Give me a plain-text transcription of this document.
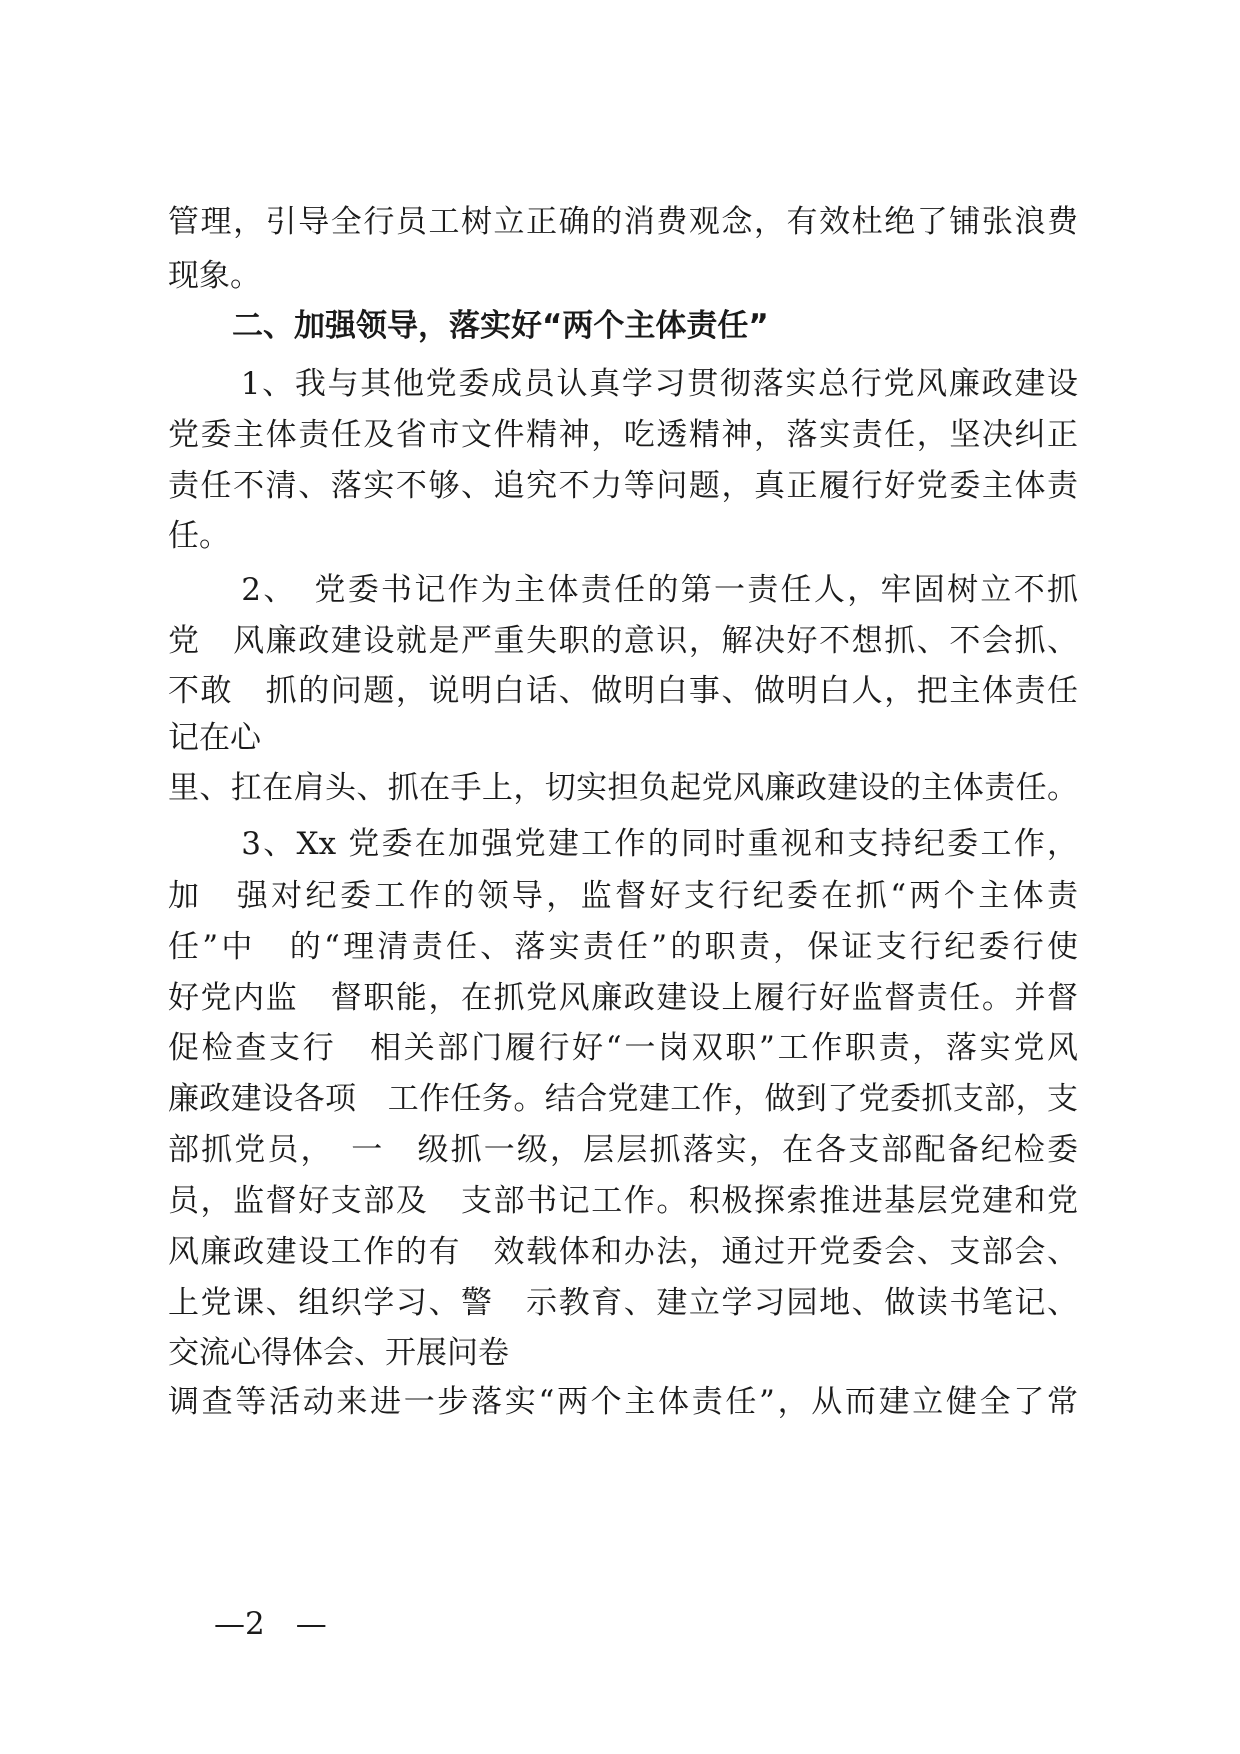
管理，引导全行员工树立正确的消费观念，有效杜绝了铺张浪费
现象。
二、加强领导，落实好“两个主体责任”
　1、我与其他党委成员认真学习贯彻落实总行党风廉政建设
党委主体责任及省市文件精神，吃透精神，落实责任，坚决纠正
责任不清、落实不够、追究不力等问题，真正履行好党委主体责
任。
　2、　党委书记作为主体责任的第一责任人，牢固树立不抓
党　风廉政建设就是严重失职的意识，解决好不想抓、不会抓、
不敢　抓的问题，说明白话、做明白事、做明白人，把主体责任
记在心
里、扛在肩头、抓在手上，切实担负起党风廉政建设的主体责任。
　3、Xx 党委在加强党建工作的同时重视和支持纪委工作，
加　强对纪委工作的领导，监督好支行纪委在抓“两个主体责
任”中　的“理清责任、落实责任”的职责，保证支行纪委行使
好党内监　督职能，在抓党风廉政建设上履行好监督责任。并督
促检查支行　相关部门履行好“一岗双职”工作职责，落实党风
廉政建设各项　工作任务。结合党建工作，做到了党委抓支部，支
部抓党员，　一　级抓一级，层层抓落实，在各支部配备纪检委
员，监督好支部及　支部书记工作。积极探索推进基层党建和党
风廉政建设工作的有　效载体和办法，通过开党委会、支部会、
上党课、组织学习、警　示教育、建立学习园地、做读书笔记、
交流心得体会、开展问卷
调查等活动来进一步落实“两个主体责任”，从而建立健全了常
—2　—
